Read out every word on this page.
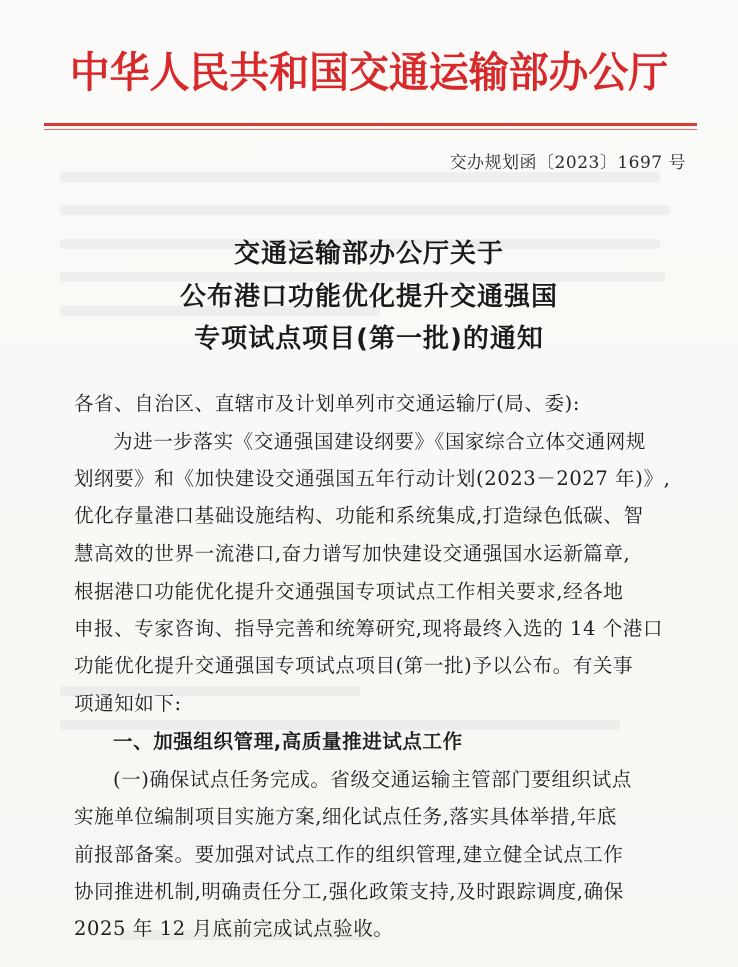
中华人民共和国交通运输部办公厅
交办规划函〔2023〕1697 号
交通运输部办公厅关于
公布港口功能优化提升交通强国
专项试点项目(第一批)的通知
各省、自治区、直辖市及计划单列市交通运输厅(局、委):
为进一步落实《交通强国建设纲要》《国家综合立体交通网规
划纲要》和《加快建设交通强国五年行动计划(2023－2027 年)》,
优化存量港口基础设施结构、功能和系统集成,打造绿色低碳、智
慧高效的世界一流港口,奋力谱写加快建设交通强国水运新篇章,
根据港口功能优化提升交通强国专项试点工作相关要求,经各地
申报、专家咨询、指导完善和统筹研究,现将最终入选的 14 个港口
功能优化提升交通强国专项试点项目(第一批)予以公布。有关事
项通知如下:
一、加强组织管理,高质量推进试点工作
(一)确保试点任务完成。省级交通运输主管部门要组织试点
实施单位编制项目实施方案,细化试点任务,落实具体举措,年底
前报部备案。要加强对试点工作的组织管理,建立健全试点工作
协同推进机制,明确责任分工,强化政策支持,及时跟踪调度,确保
2025 年 12 月底前完成试点验收。
